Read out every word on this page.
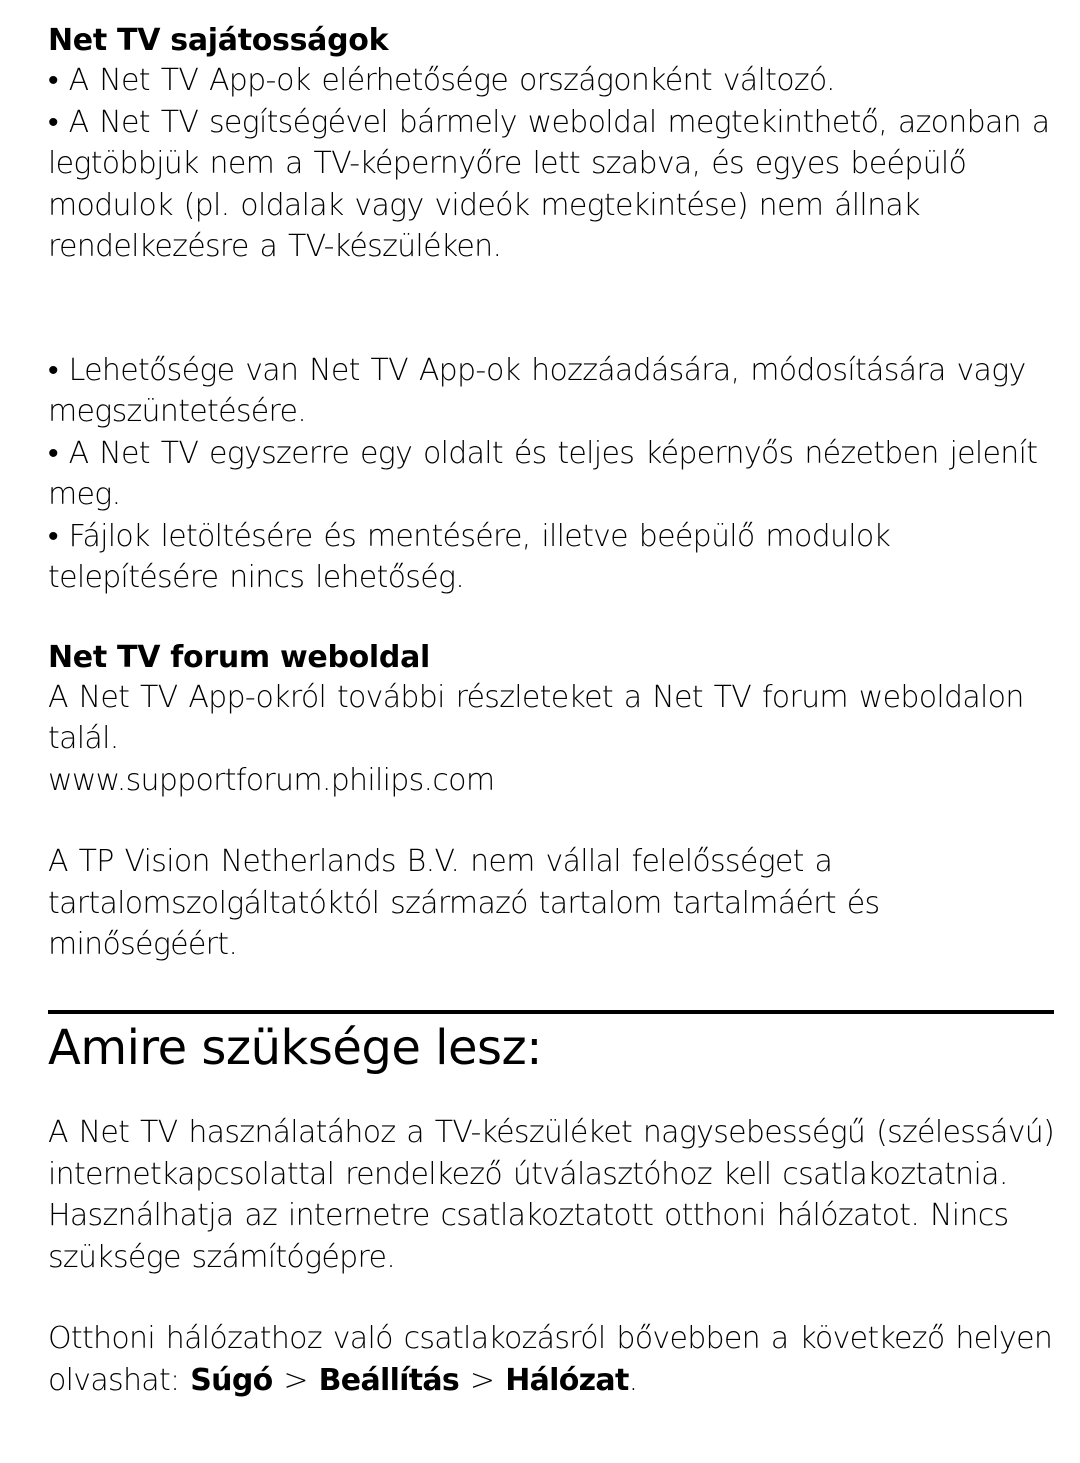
Net TV sajátosságok

• A Net TV App-ok elérhetősége országonként változó.

• A Net TV segítségével bármely weboldal megtekinthető, azonban a legtöbbjük nem a TV-képernyőre lett szabva, és egyes beépülő modulok (pl. oldalak vagy videók megtekintése) nem állnak rendelkezésre a TV-készüléken.

• Lehetősége van Net TV App-ok hozzáadására, módosítására vagy megszüntetésére.

• A Net TV egyszerre egy oldalt és teljes képernyős nézetben jelenít meg.

• Fájlok letöltésére és mentésére, illetve beépülő modulok telepítésére nincs lehetőség.

Net TV forum weboldal

A Net TV App-okról további részleteket a Net TV forum weboldalon talál.

www.supportforum.philips.com

A TP Vision Netherlands B.V. nem vállal felelősséget a tartalomszolgáltatóktól származó tartalom tartalmáért és minőségéért.

Amire szüksége lesz:

A Net TV használatához a TV-készüléket nagysebességű (szélessávú) internetkapcsolattal rendelkező útválasztóhoz kell csatlakoztatnia. Használhatja az internetre csatlakoztatott otthoni hálózatot. Nincs szüksége számítógépre.

Otthoni hálózathoz való csatlakozásról bővebben a következő helyen olvashat: Súgó > Beállítás > Hálózat.
